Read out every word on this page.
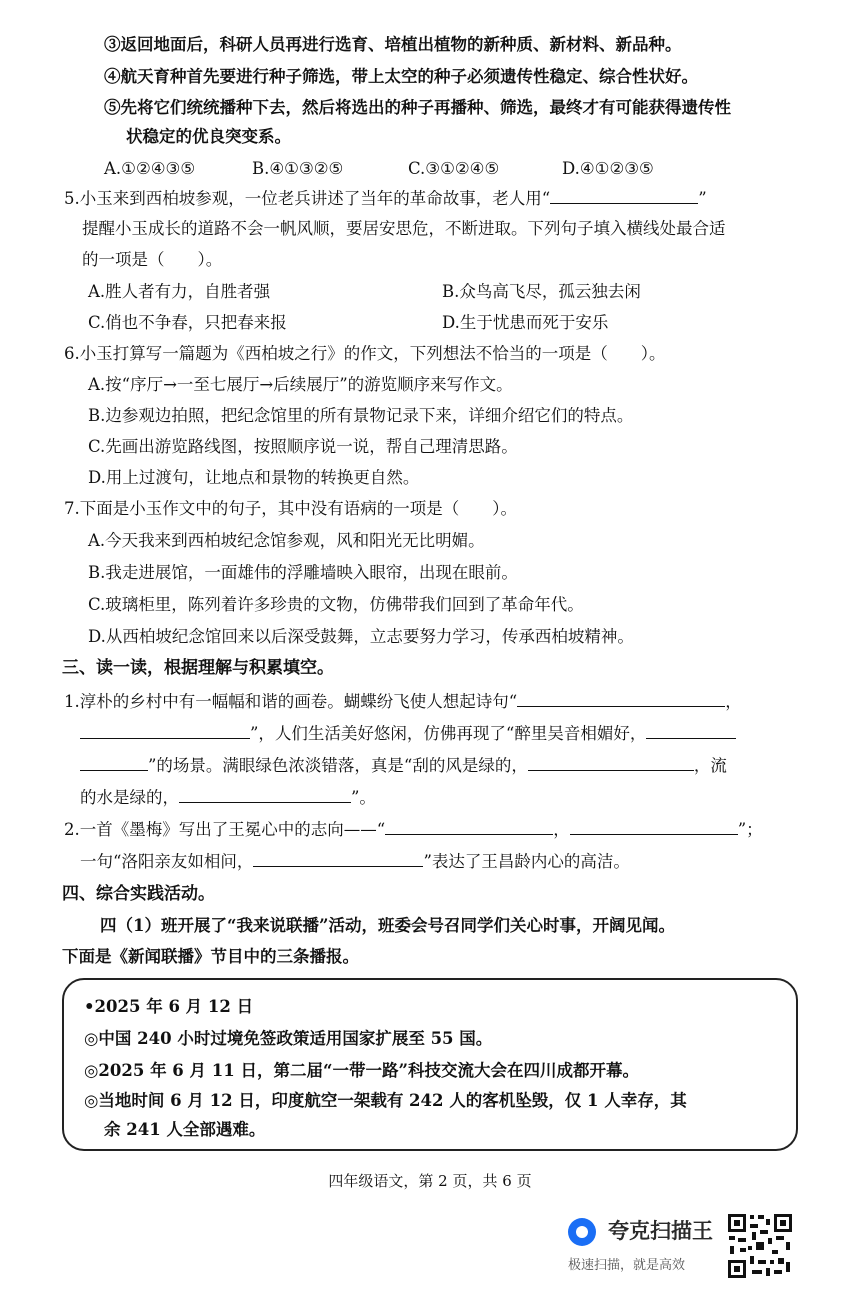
③返回地面后，科研人员再进行选育、培植出植物的新种质、新材料、新品种。
④航天育种首先要进行种子筛选，带上太空的种子必须遗传性稳定、综合性状好。
⑤先将它们统统播种下去，然后将选出的种子再播种、筛选，最终才有可能获得遗传性
状稳定的优良突变系。
A.①②④③⑤	B.④①③②⑤	C.③①②④⑤	D.④①②③⑤
5.小玉来到西柏坡参观，一位老兵讲述了当年的革命故事，老人用“	”
提醒小玉成长的道路不会一帆风顺，要居安思危，不断进取。下列句子填入横线处最合适
的一项是（　　）。
A.胜人者有力，自胜者强	B.众鸟高飞尽，孤云独去闲
C.俏也不争春，只把春来报	D.生于忧患而死于安乐
6.小玉打算写一篇题为《西柏坡之行》的作文，下列想法不恰当的一项是（　　）。
A.按“序厅→一至七展厅→后续展厅”的游览顺序来写作文。
B.边参观边拍照，把纪念馆里的所有景物记录下来，详细介绍它们的特点。
C.先画出游览路线图，按照顺序说一说，帮自己理清思路。
D.用上过渡句，让地点和景物的转换更自然。
7.下面是小玉作文中的句子，其中没有语病的一项是（　　）。
A.今天我来到西柏坡纪念馆参观，风和阳光无比明媚。
B.我走进展馆，一面雄伟的浮雕墙映入眼帘，出现在眼前。
C.玻璃柜里，陈列着许多珍贵的文物，仿佛带我们回到了革命年代。
D.从西柏坡纪念馆回来以后深受鼓舞，立志要努力学习，传承西柏坡精神。
三、读一读，根据理解与积累填空。
1.淳朴的乡村中有一幅幅和谐的画卷。蝴蝶纷飞使人想起诗句“	，
”，人们生活美好悠闲，仿佛再现了“醉里吴音相媚好，
”的场景。满眼绿色浓淡错落，真是“刮的风是绿的，	，流
的水是绿的，	”。
2.一首《墨梅》写出了王冕心中的志向——“	，	”；
一句“洛阳亲友如相问，	”表达了王昌龄内心的高洁。
四、综合实践活动。
四（1）班开展了“我来说联播”活动，班委会号召同学们关心时事，开阔见闻。
下面是《新闻联播》节目中的三条播报。
•2025 年 6 月 12 日
◎中国 240 小时过境免签政策适用国家扩展至 55 国。
◎2025 年 6 月 11 日，第二届“一带一路”科技交流大会在四川成都开幕。
◎当地时间 6 月 12 日，印度航空一架载有 242 人的客机坠毁，仅 1 人幸存，其
余 241 人全部遇难。
四年级语文，第 2 页，共 6 页
夸克扫描王
极速扫描，就是高效
